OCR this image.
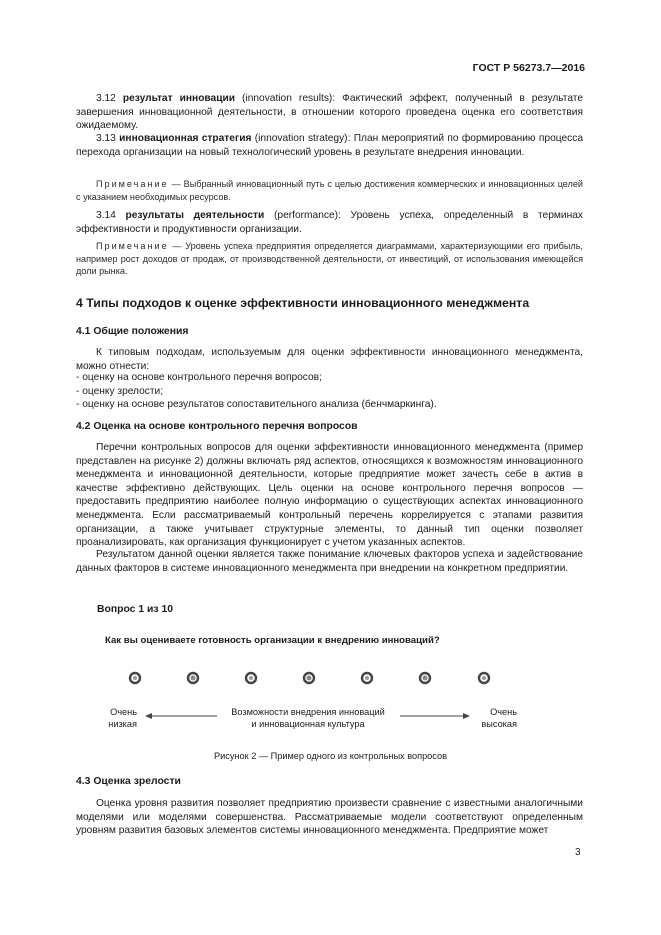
ГОСТ Р 56273.7—2016
3.12 результат инновации (innovation results): Фактический эффект, полученный в результате завершения инновационной деятельности, в отношении которого проведена оценка его соответствия ожидаемому.
3.13 инновационная стратегия (innovation strategy): План мероприятий по формированию процесса перехода организации на новый технологический уровень в результате внедрения инновации.
Примечание — Выбранный инновационный путь с целью достижения коммерческих и инновационных целей с указанием необходимых ресурсов.
3.14 результаты деятельности (performance): Уровень успеха, определенный в терминах эффективности и продуктивности организации.
Примечание — Уровень успеха предприятия определяется диаграммами, характеризующими его прибыль, например рост доходов от продаж, от производственной деятельности, от инвестиций, от использования имеющейся доли рынка.
4 Типы подходов к оценке эффективности инновационного менеджмента
4.1 Общие положения
К типовым подходам, используемым для оценки эффективности инновационного менеджмента, можно отнести:
- оценку на основе контрольного перечня вопросов;
- оценку зрелости;
- оценку на основе результатов сопоставительного анализа (бенчмаркинга).
4.2 Оценка на основе контрольного перечня вопросов
Перечни контрольных вопросов для оценки эффективности инновационного менеджмента (пример представлен на рисунке 2) должны включать ряд аспектов, относящихся к возможностям инновационного менеджмента и инновационной деятельности, которые предприятие может зачесть себе в актив в качестве эффективно действующих. Цель оценки на основе контрольного перечня вопросов — предоставить предприятию наиболее полную информацию о существующих аспектах инновационного менеджмента. Если рассматриваемый контрольный перечень коррелируется с этапами развития организации, а также учитывает структурные элементы, то данный тип оценки позволяет проанализировать, как организация функционирует с учетом указанных аспектов.
Результатом данной оценки является также понимание ключевых факторов успеха и задействование данных факторов в системе инновационного менеджмента при внедрении на конкретном предприятии.
Вопрос 1 из 10
Как вы оцениваете готовность организации к внедрению инноваций?
Очень
низкая
Возможности внедрения инноваций
и инновационная культура
Очень
высокая
Рисунок 2 — Пример одного из контрольных вопросов
4.3 Оценка зрелости
Оценка уровня развития позволяет предприятию произвести сравнение с известными аналогичными моделями или моделями совершенства. Рассматриваемые модели соответствуют определенным уровням развития базовых элементов системы инновационного менеджмента. Предприятие может
3
